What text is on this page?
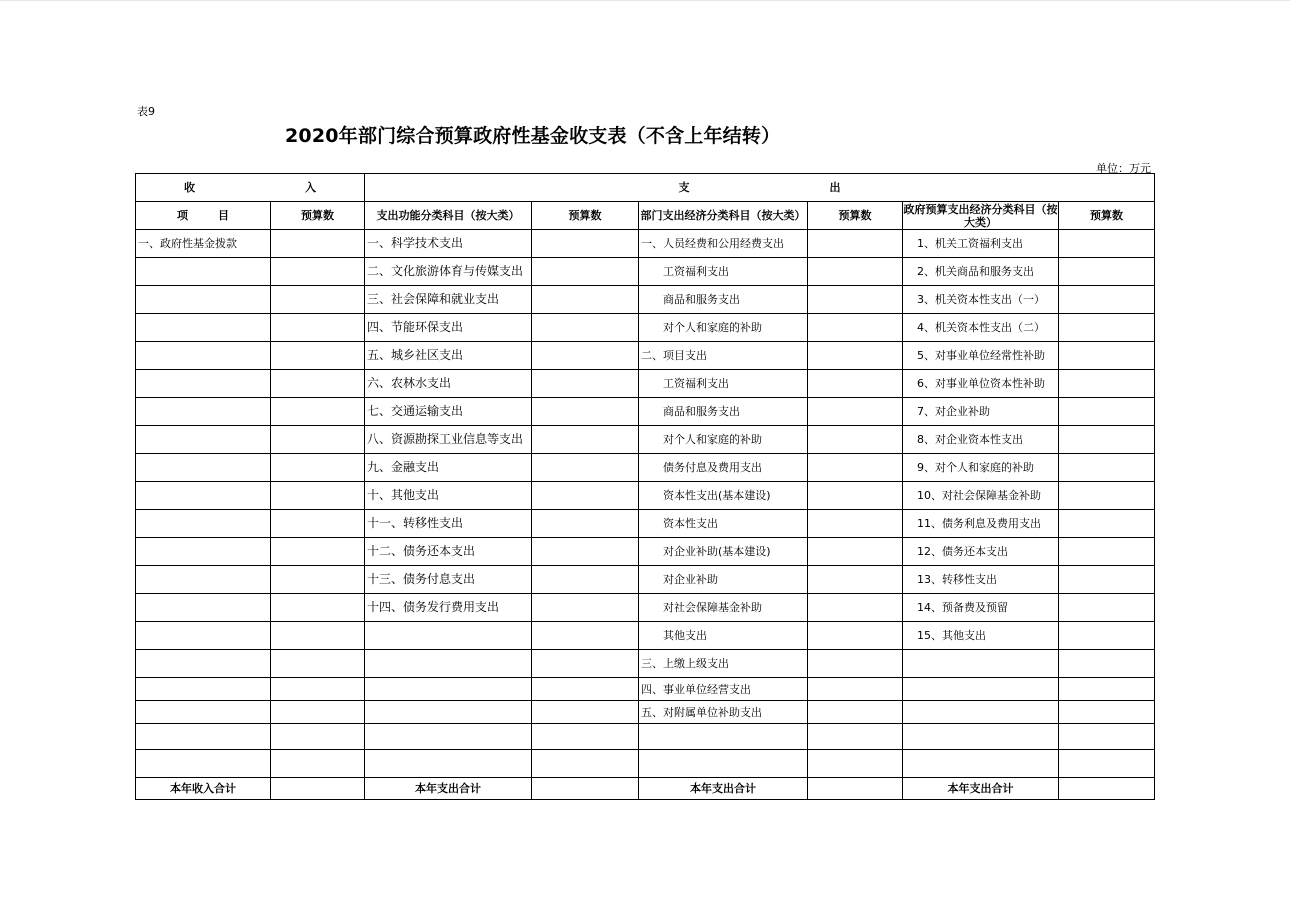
表9
2020年部门综合预算政府性基金收支表（不含上年结转）
单位：万元
收 入		支 出					
项 目	预算数	支出功能分类科目（按大类）	预算数	部门支出经济分类科目（按大类）	预算数	政府预算支出经济分类科目（按大类）	预算数
一、政府性基金拨款		一、科学技术支出		一、人员经费和公用经费支出		1、机关工资福利支出	
		二、文化旅游体育与传媒支出		工资福利支出		2、机关商品和服务支出	
		三、社会保障和就业支出		商品和服务支出		3、机关资本性支出（一）	
		四、节能环保支出		对个人和家庭的补助		4、机关资本性支出（二）	
		五、城乡社区支出		二、项目支出		5、对事业单位经常性补助	
		六、农林水支出		工资福利支出		6、对事业单位资本性补助	
		七、交通运输支出		商品和服务支出		7、对企业补助	
		八、资源勘探工业信息等支出		对个人和家庭的补助		8、对企业资本性支出	
		九、金融支出		债务付息及费用支出		9、对个人和家庭的补助	
		十、其他支出		资本性支出(基本建设)		10、对社会保障基金补助	
		十一、转移性支出		资本性支出		11、债务利息及费用支出	
		十二、债务还本支出		对企业补助(基本建设)		12、债务还本支出	
		十三、债务付息支出		对企业补助		13、转移性支出	
		十四、债务发行费用支出		对社会保障基金补助		14、预备费及预留	
				其他支出		15、其他支出	
				三、上缴上级支出			
				四、事业单位经营支出			
				五、对附属单位补助支出			

本年收入合计		本年支出合计		本年支出合计		本年支出合计	
